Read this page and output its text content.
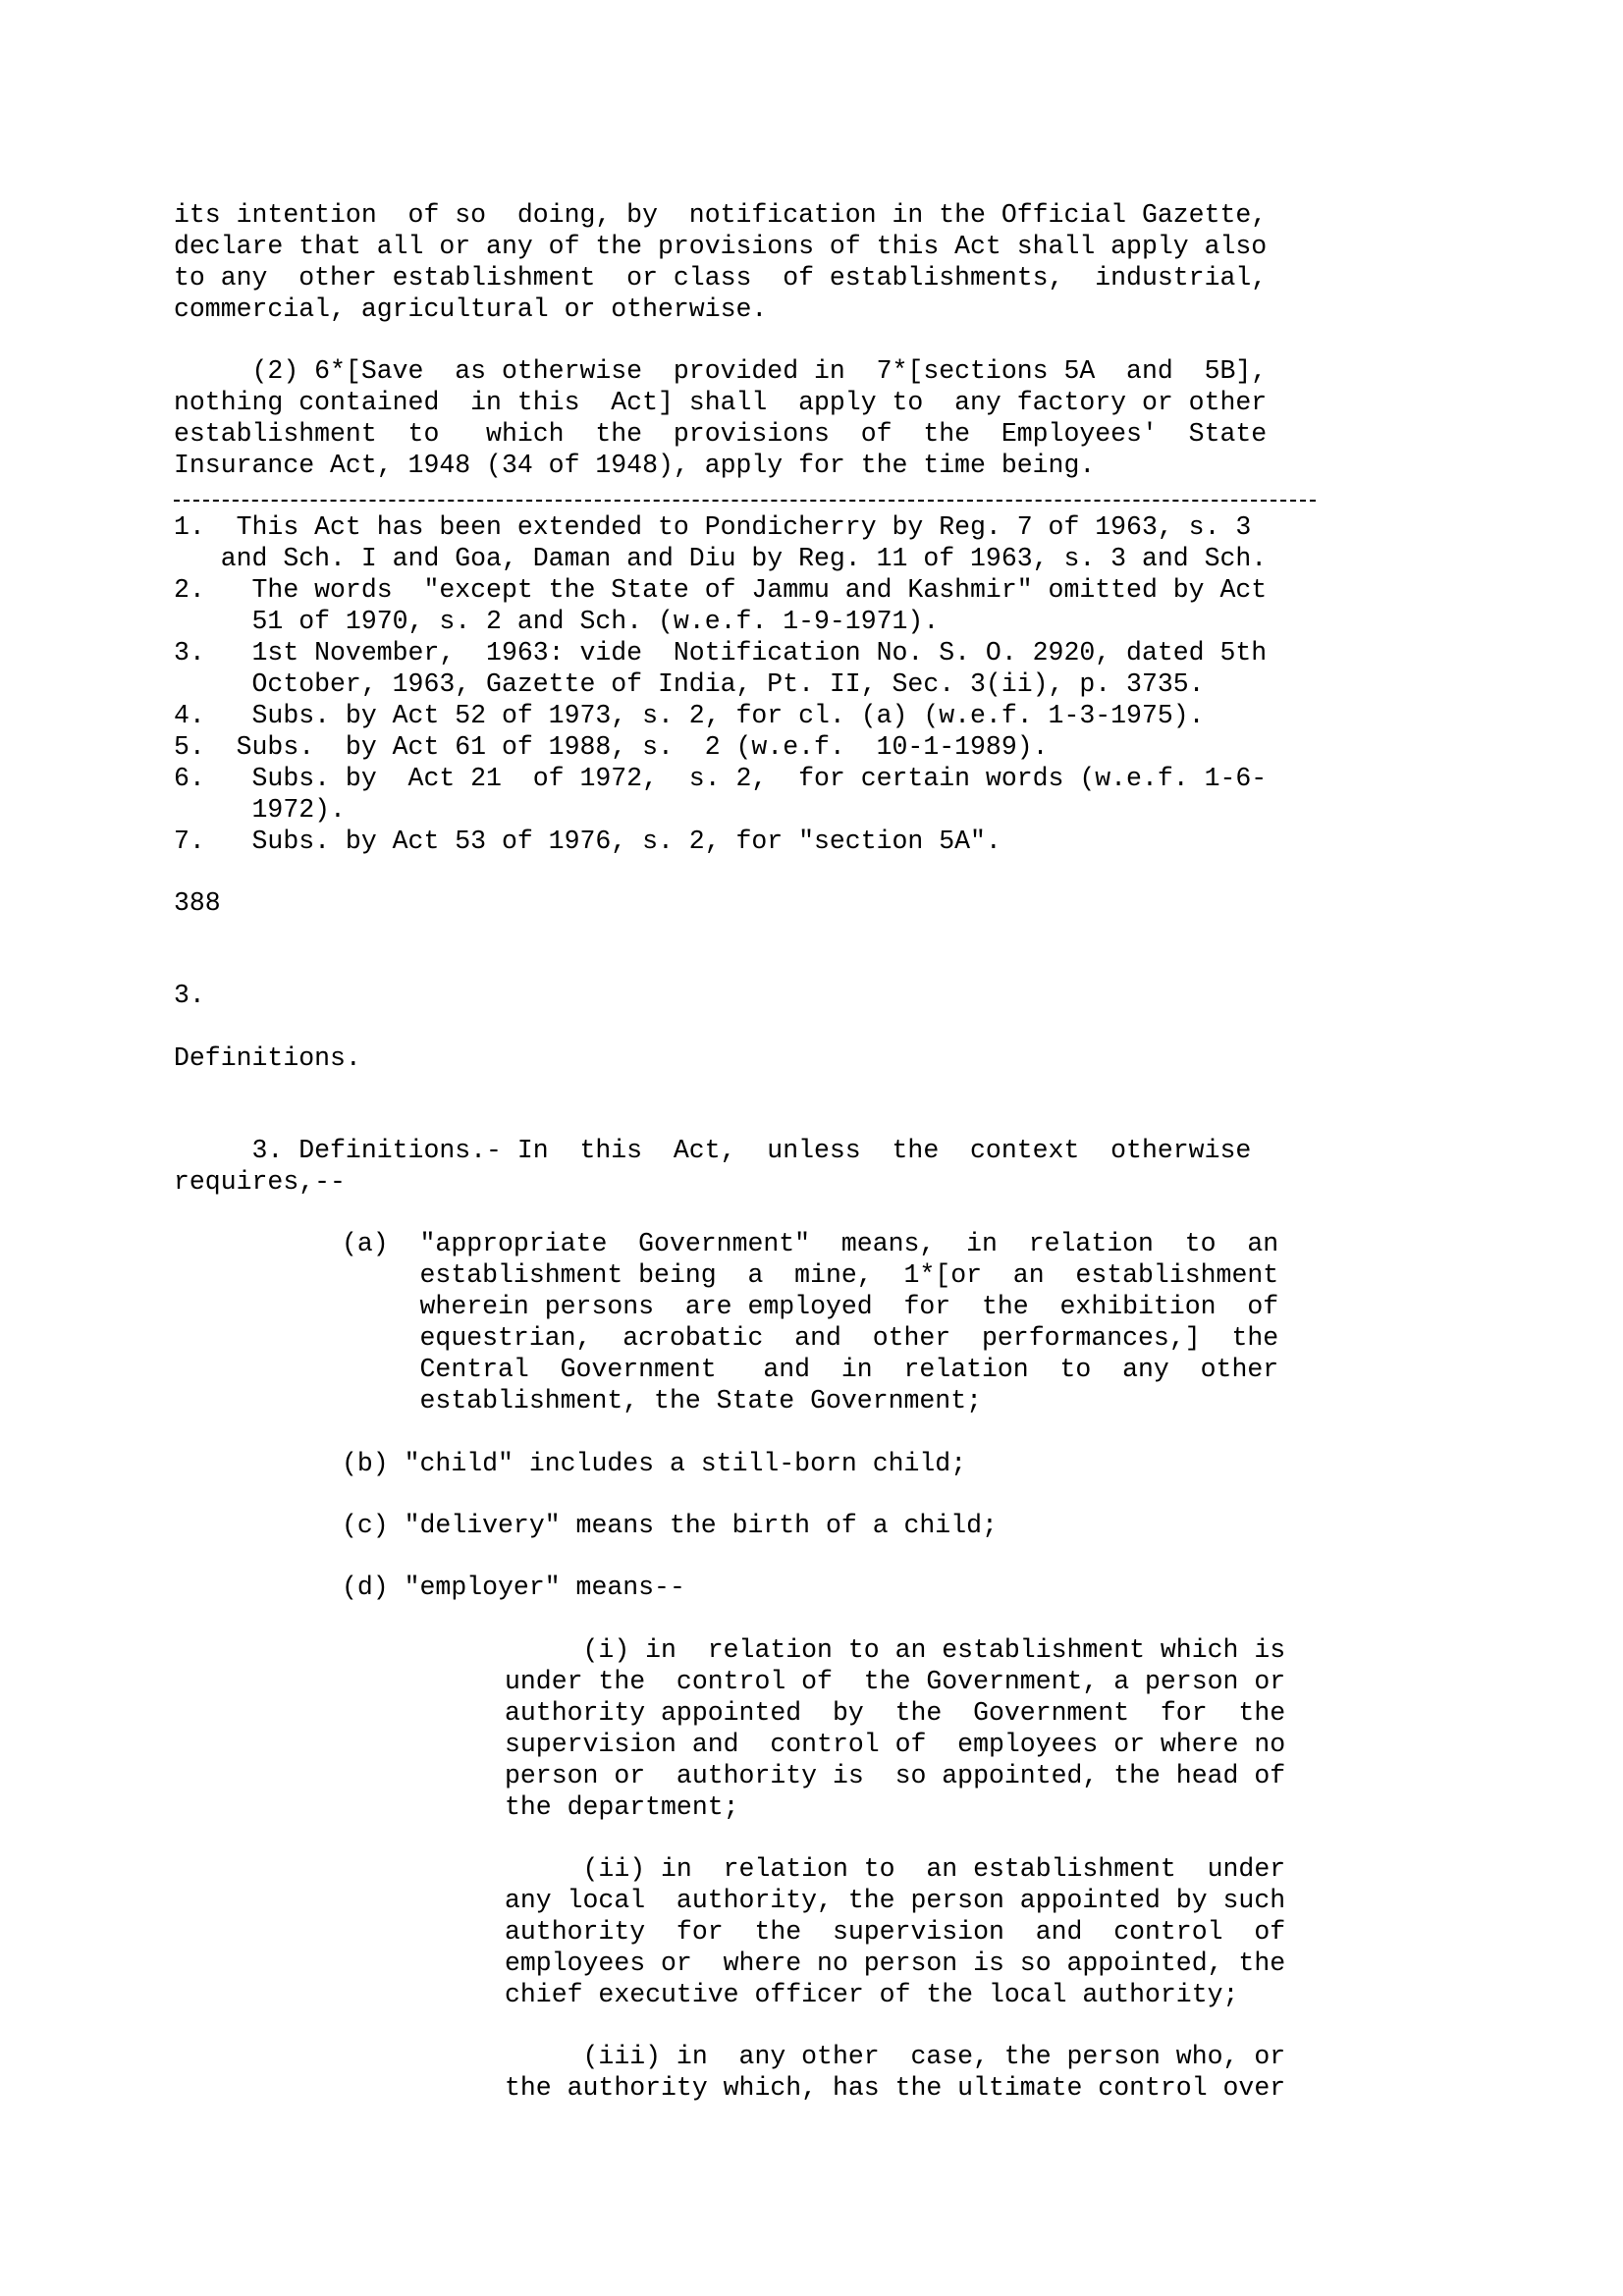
its intention  of so  doing, by  notification in the Official Gazette,

declare that all or any of the provisions of this Act shall apply also

to any  other establishment  or class  of establishments,  industrial,

commercial, agricultural or otherwise.

(2) 6*[Save  as otherwise  provided in  7*[sections 5A  and  5B],

nothing contained  in this  Act] shall  apply to  any factory or other

establishment  to   which  the  provisions  of  the  Employees'  State

Insurance Act, 1948 (34 of 1948), apply for the time being.

1.  This Act has been extended to Pondicherry by Reg. 7 of 1963, s. 3

and Sch. I and Goa, Daman and Diu by Reg. 11 of 1963, s. 3 and Sch.

2.   The words  "except the State of Jammu and Kashmir" omitted by Act

51 of 1970, s. 2 and Sch. (w.e.f. 1-9-1971).

3.   1st November,  1963: vide  Notification No. S. O. 2920, dated 5th

October, 1963, Gazette of India, Pt. II, Sec. 3(ii), p. 3735.

4.   Subs. by Act 52 of 1973, s. 2, for cl. (a) (w.e.f. 1-3-1975).

5.  Subs.  by Act 61 of 1988, s.  2 (w.e.f.  10-1-1989).

6.   Subs. by  Act 21  of 1972,  s. 2,  for certain words (w.e.f. 1-6-

1972).

7.   Subs. by Act 53 of 1976, s. 2, for "section 5A".

388

3.

Definitions.

3. Definitions.- In  this  Act,  unless  the  context  otherwise

requires,--

(a)  "appropriate  Government"  means,  in  relation  to  an

establishment being  a  mine,  1*[or  an  establishment

wherein persons  are employed  for  the  exhibition  of

equestrian,  acrobatic  and  other  performances,]  the

Central  Government   and  in  relation  to  any  other

establishment, the State Government;

(b) "child" includes a still-born child;

(c) "delivery" means the birth of a child;

(d) "employer" means--

(i) in  relation to an establishment which is

under the  control of  the Government, a person or

authority appointed  by  the  Government  for  the

supervision and  control of  employees or where no

person or  authority is  so appointed, the head of

the department;

(ii) in  relation to  an establishment  under

any local  authority, the person appointed by such

authority  for  the  supervision  and  control  of

employees or  where no person is so appointed, the

chief executive officer of the local authority;

(iii) in  any other  case, the person who, or

the authority which, has the ultimate control over
